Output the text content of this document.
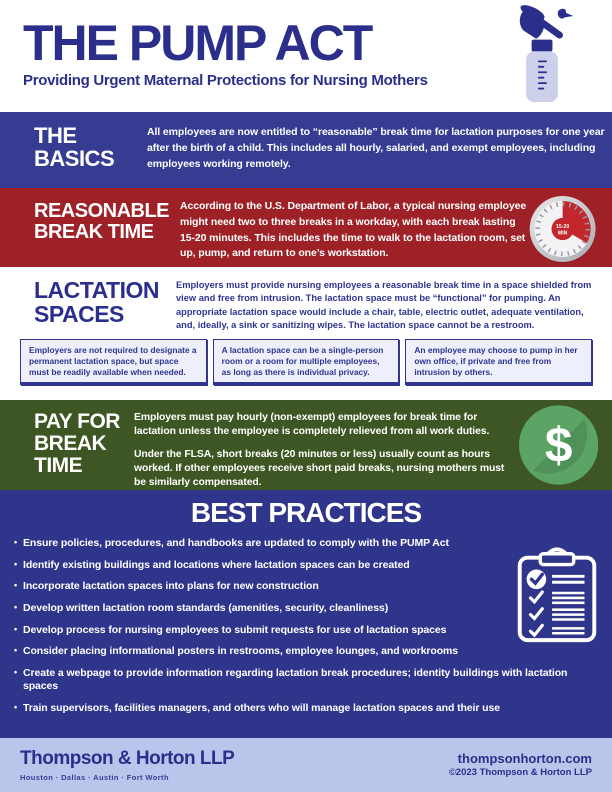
THE PUMP ACT
Providing Urgent Maternal Protections for Nursing Mothers
THE BASICS
All employees are now entitled to “reasonable” break time for lactation purposes for one year after the birth of a child. This includes all hourly, salaried, and exempt employees, including employees working remotely.
REASONABLE BREAK TIME
According to the U.S. Department of Labor, a typical nursing employee might need two to three breaks in a workday, with each break lasting 15-20 minutes. This includes the time to walk to the lactation room, set up, pump, and return to one’s workstation.
15-20
MIN
LACTATION SPACES
Employers must provide nursing employees a reasonable break time in a space shielded from view and free from intrusion. The lactation space must be “functional” for pumping. An appropriate lactation space would include a chair, table, electric outlet, adequate ventilation, and, ideally, a sink or sanitizing wipes. The lactation space cannot be a restroom.
Employers are not required to designate a permanent lactation space, but space must be readily available when needed.
A lactation space can be a single-person room or a room for multiple employees, as long as there is individual privacy.
An employee may choose to pump in her own office, if private and free from intrusion by others.
PAY FOR BREAK TIME

Employers must pay hourly (non-exempt) employees for break time for lactation unless the employee is completely relieved from all work duties.

Under the FLSA, short breaks (20 minutes or less) usually count as hours worked. If other employees receive short paid breaks, nursing mothers must be similarly compensated.

$
BEST PRACTICES
• Ensure policies, procedures, and handbooks are updated to comply with the PUMP Act
• Identify existing buildings and locations where lactation spaces can be created
• Incorporate lactation spaces into plans for new construction
• Develop written lactation room standards (amenities, security, cleanliness)
• Develop process for nursing employees to submit requests for use of lactation spaces
• Consider placing informational posters in restrooms, employee lounges, and workrooms
• Create a webpage to provide information regarding lactation break procedures; identity buildings with lactation spaces
• Train supervisors, facilities managers, and others who will manage lactation spaces and their use
Thompson & Horton LLP
Houston · Dallas · Austin · Fort Worth
thompsonhorton.com
©2023 Thompson & Horton LLP
